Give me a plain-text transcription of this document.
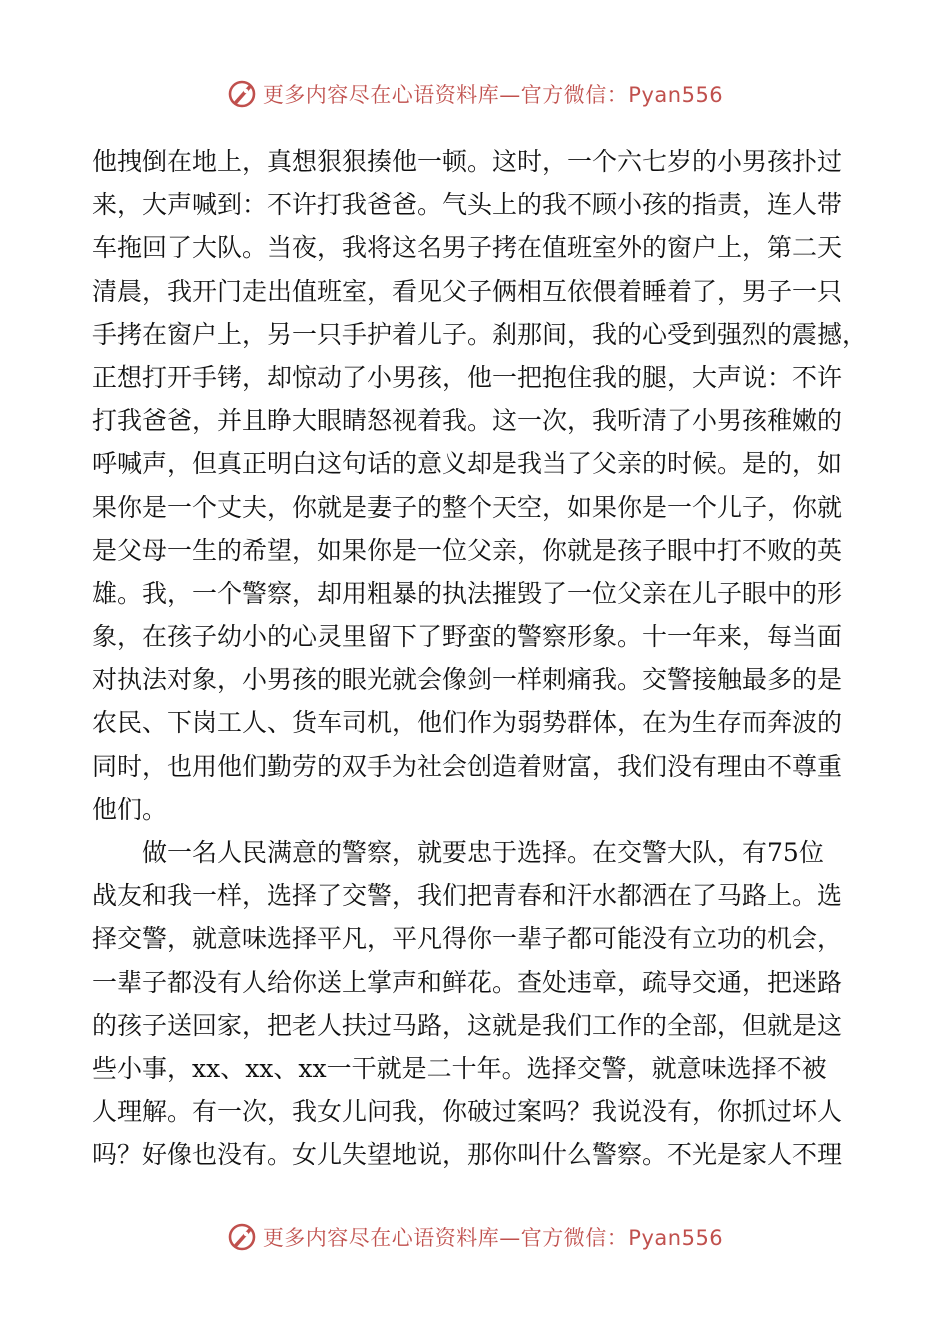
更多内容尽在心语资料库—官方微信：Pyan556
他拽倒在地上，真想狠狠揍他一顿。这时，一个六七岁的小男孩扑过
来，大声喊到：不许打我爸爸。气头上的我不顾小孩的指责，连人带
车拖回了大队。当夜，我将这名男子拷在值班室外的窗户上，第二天
清晨，我开门走出值班室，看见父子俩相互依偎着睡着了，男子一只
手拷在窗户上，另一只手护着儿子。刹那间，我的心受到强烈的震撼，
正想打开手铐，却惊动了小男孩，他一把抱住我的腿，大声说：不许
打我爸爸，并且睁大眼睛怒视着我。这一次，我听清了小男孩稚嫩的
呼喊声，但真正明白这句话的意义却是我当了父亲的时候。是的，如
果你是一个丈夫，你就是妻子的整个天空，如果你是一个儿子，你就
是父母一生的希望，如果你是一位父亲，你就是孩子眼中打不败的英
雄。我，一个警察，却用粗暴的执法摧毁了一位父亲在儿子眼中的形
象，在孩子幼小的心灵里留下了野蛮的警察形象。十一年来，每当面
对执法对象，小男孩的眼光就会像剑一样刺痛我。交警接触最多的是
农民、下岗工人、货车司机，他们作为弱势群体，在为生存而奔波的
同时，也用他们勤劳的双手为社会创造着财富，我们没有理由不尊重
他们。
　　做一名人民满意的警察，就要忠于选择。在交警大队，有75位
战友和我一样，选择了交警，我们把青春和汗水都洒在了马路上。选
择交警，就意味选择平凡，平凡得你一辈子都可能没有立功的机会，
一辈子都没有人给你送上掌声和鲜花。查处违章，疏导交通，把迷路
的孩子送回家，把老人扶过马路，这就是我们工作的全部，但就是这
些小事，xx、xx、xx一干就是二十年。选择交警，就意味选择不被
人理解。有一次，我女儿问我，你破过案吗？我说没有，你抓过坏人
吗？好像也没有。女儿失望地说，那你叫什么警察。不光是家人不理
更多内容尽在心语资料库—官方微信：Pyan556
